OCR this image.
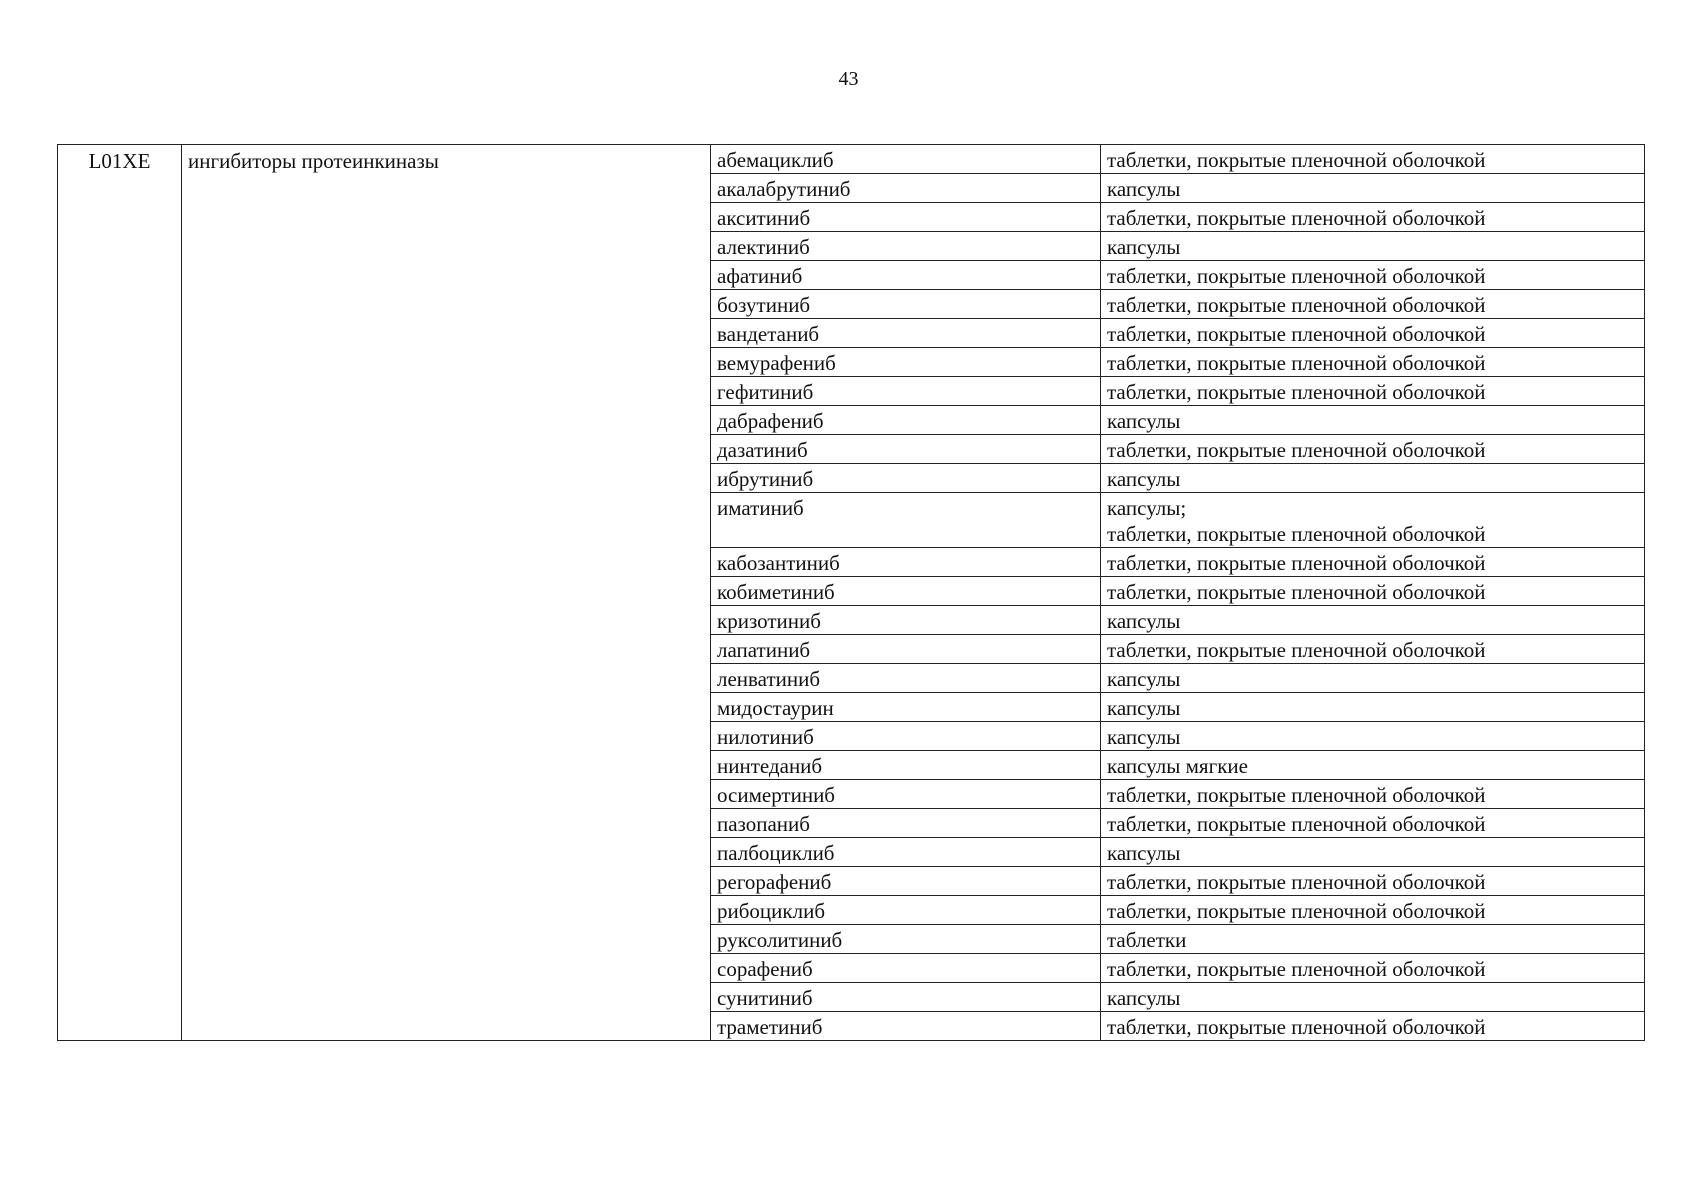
43
L01XE	ингибиторы протеинкиназы	абемациклиб	таблетки, покрытые пленочной оболочкой
		акалабрутиниб	капсулы
		акситиниб	таблетки, покрытые пленочной оболочкой
		алектиниб	капсулы
		афатиниб	таблетки, покрытые пленочной оболочкой
		бозутиниб	таблетки, покрытые пленочной оболочкой
		вандетаниб	таблетки, покрытые пленочной оболочкой
		вемурафениб	таблетки, покрытые пленочной оболочкой
		гефитиниб	таблетки, покрытые пленочной оболочкой
		дабрафениб	капсулы
		дазатиниб	таблетки, покрытые пленочной оболочкой
		ибрутиниб	капсулы
		иматиниб	капсулы;
таблетки, покрытые пленочной оболочкой
		кабозантиниб	таблетки, покрытые пленочной оболочкой
		кобиметиниб	таблетки, покрытые пленочной оболочкой
		кризотиниб	капсулы
		лапатиниб	таблетки, покрытые пленочной оболочкой
		ленватиниб	капсулы
		мидостаурин	капсулы
		нилотиниб	капсулы
		нинтеданиб	капсулы мягкие
		осимертиниб	таблетки, покрытые пленочной оболочкой
		пазопаниб	таблетки, покрытые пленочной оболочкой
		палбоциклиб	капсулы
		регорафениб	таблетки, покрытые пленочной оболочкой
		рибоциклиб	таблетки, покрытые пленочной оболочкой
		руксолитиниб	таблетки
		сорафениб	таблетки, покрытые пленочной оболочкой
		сунитиниб	капсулы
		траметиниб	таблетки, покрытые пленочной оболочкой
